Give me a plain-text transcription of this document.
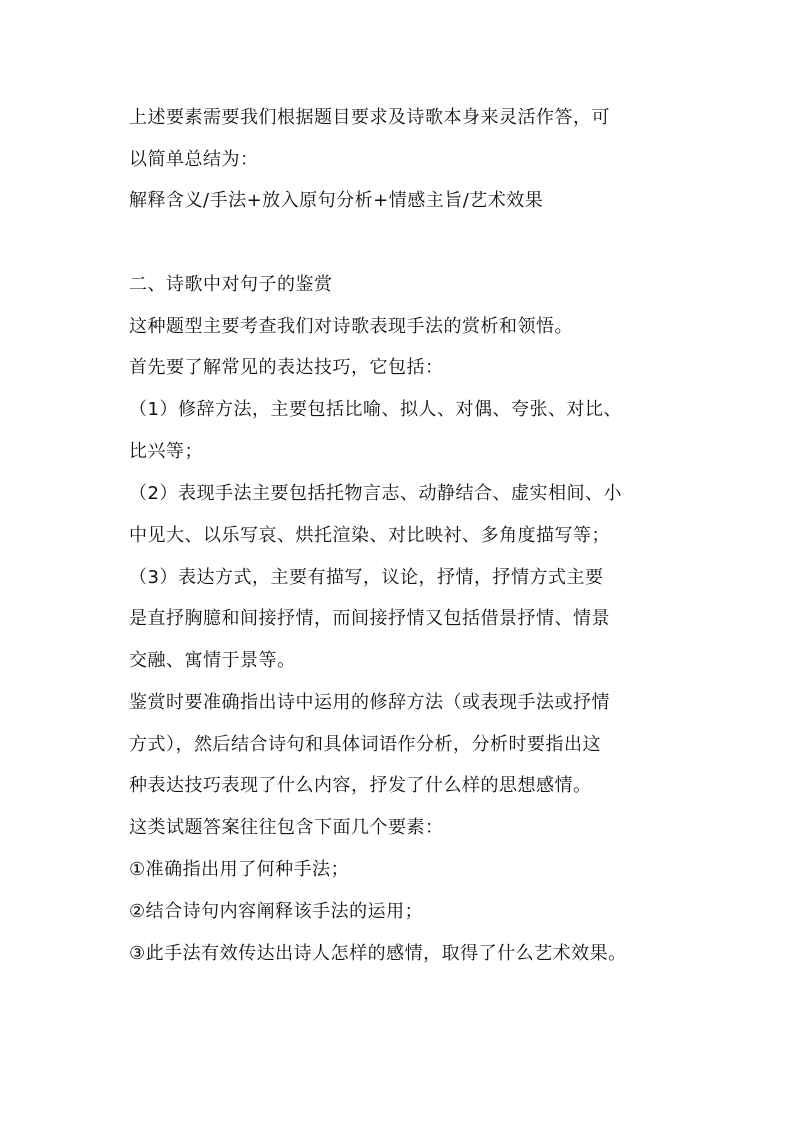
上述要素需要我们根据题目要求及诗歌本身来灵活作答，可
以简单总结为：
解释含义/手法+放入原句分析+情感主旨/艺术效果
二、诗歌中对句子的鉴赏
这种题型主要考查我们对诗歌表现手法的赏析和领悟。
首先要了解常见的表达技巧，它包括：
（1）修辞方法，主要包括比喻、拟人、对偶、夸张、对比、
比兴等；
（2）表现手法主要包括托物言志、动静结合、虚实相间、小
中见大、以乐写哀、烘托渲染、对比映衬、多角度描写等；
（3）表达方式，主要有描写，议论，抒情，抒情方式主要
是直抒胸臆和间接抒情，而间接抒情又包括借景抒情、情景
交融、寓情于景等。
鉴赏时要准确指出诗中运用的修辞方法（或表现手法或抒情
方式），然后结合诗句和具体词语作分析，分析时要指出这
种表达技巧表现了什么内容，抒发了什么样的思想感情。
这类试题答案往往包含下面几个要素：
①准确指出用了何种手法；
②结合诗句内容阐释该手法的运用；
③此手法有效传达出诗人怎样的感情，取得了什么艺术效果。
